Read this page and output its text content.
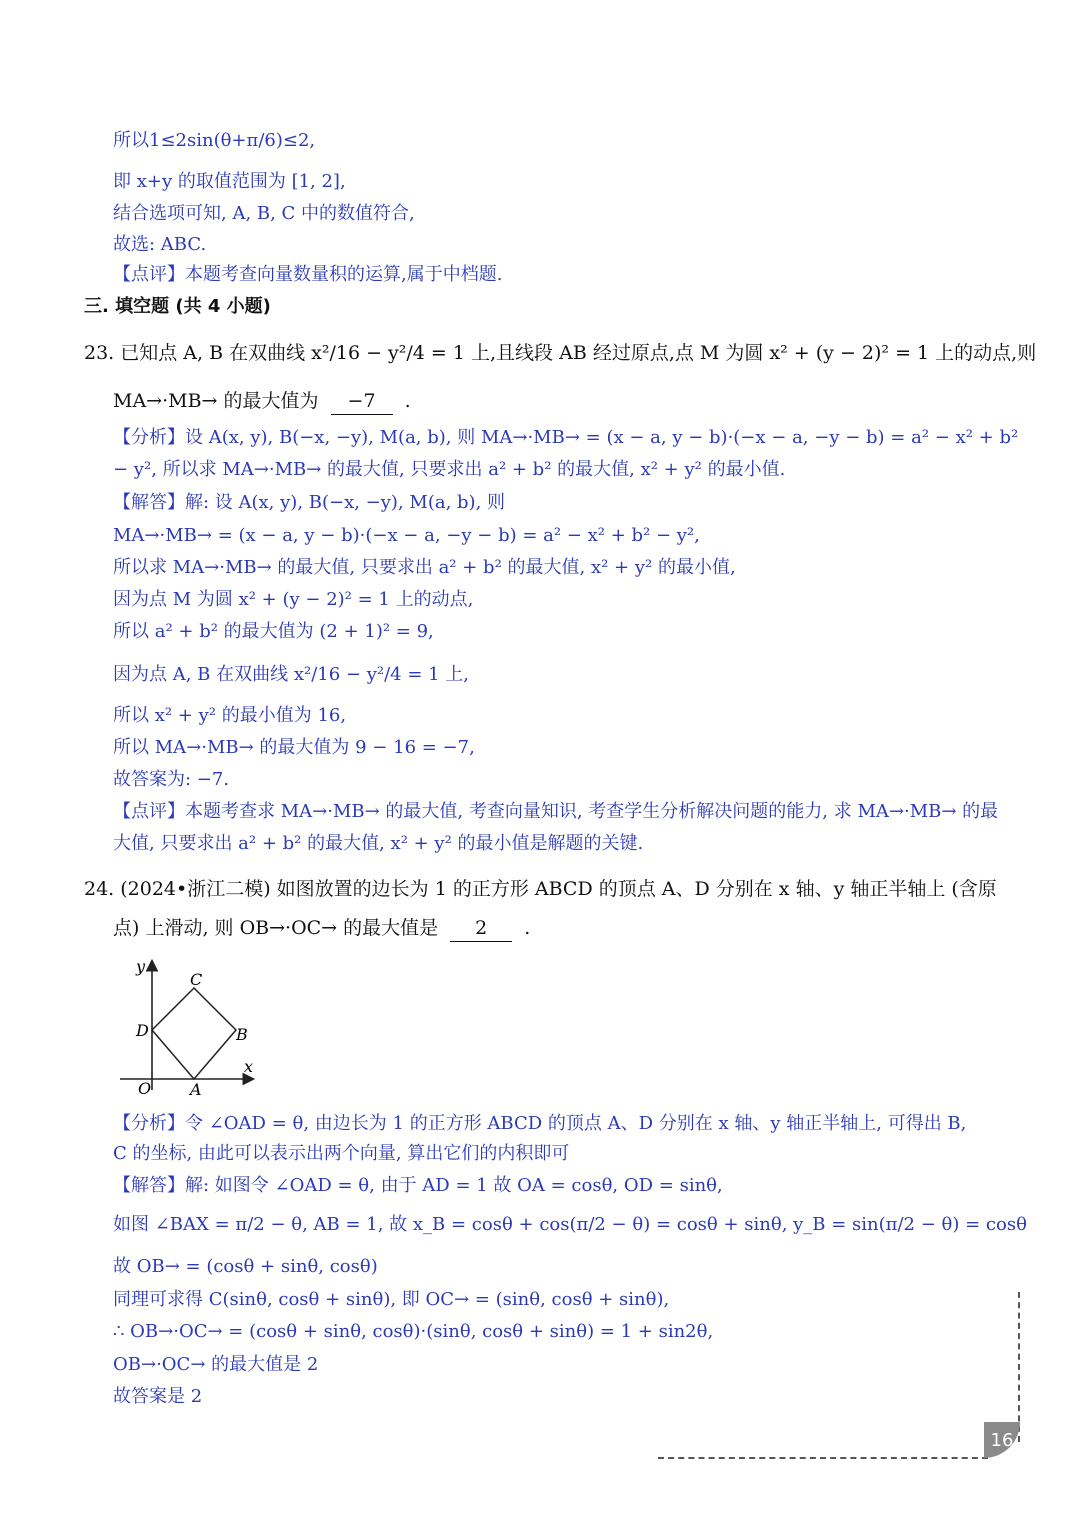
所以1≤2sin(θ+π/6)≤2,
即 x+y 的取值范围为 [1, 2],
结合选项可知, A, B, C 中的数值符合,
故选: ABC.
【点评】本题考查向量数量积的运算,属于中档题.
三. 填空题 (共 4 小题)
23. 已知点 A, B 在双曲线 x²/16 − y²/4 = 1 上,且线段 AB 经过原点,点 M 为圆 x² + (y − 2)² = 1 上的动点,则
MA→·MB→ 的最大值为 −7 .
【分析】设 A(x, y), B(−x, −y), M(a, b), 则 MA→·MB→ = (x − a, y − b)·(−x − a, −y − b) = a² − x² + b²
− y², 所以求 MA→·MB→ 的最大值, 只要求出 a² + b² 的最大值, x² + y² 的最小值.
【解答】解: 设 A(x, y), B(−x, −y), M(a, b), 则
MA→·MB→ = (x − a, y − b)·(−x − a, −y − b) = a² − x² + b² − y²,
所以求 MA→·MB→ 的最大值, 只要求出 a² + b² 的最大值, x² + y² 的最小值,
因为点 M 为圆 x² + (y − 2)² = 1 上的动点,
所以 a² + b² 的最大值为 (2 + 1)² = 9,
因为点 A, B 在双曲线 x²/16 − y²/4 = 1 上,
所以 x² + y² 的最小值为 16,
所以 MA→·MB→ 的最大值为 9 − 16 = −7,
故答案为: −7.
【点评】本题考查求 MA→·MB→ 的最大值, 考查向量知识, 考查学生分析解决问题的能力, 求 MA→·MB→ 的最
大值, 只要求出 a² + b² 的最大值, x² + y² 的最小值是解题的关键.
24. (2024•浙江二模) 如图放置的边长为 1 的正方形 ABCD 的顶点 A、D 分别在 x 轴、y 轴正半轴上 (含原
点) 上滑动, 则 OB→·OC→ 的最大值是 2 .
y
x
C
D	B
O A
【分析】令 ∠OAD = θ, 由边长为 1 的正方形 ABCD 的顶点 A、D 分别在 x 轴、y 轴正半轴上, 可得出 B,
C 的坐标, 由此可以表示出两个向量, 算出它们的内积即可
【解答】解: 如图令 ∠OAD = θ, 由于 AD = 1 故 OA = cosθ, OD = sinθ,
如图 ∠BAX = π/2 − θ, AB = 1, 故 x_B = cosθ + cos(π/2 − θ) = cosθ + sinθ, y_B = sin(π/2 − θ) = cosθ
故 OB→ = (cosθ + sinθ, cosθ)
同理可求得 C(sinθ, cosθ + sinθ), 即 OC→ = (sinθ, cosθ + sinθ),
∴ OB→·OC→ = (cosθ + sinθ, cosθ)·(sinθ, cosθ + sinθ) = 1 + sin2θ,
OB→·OC→ 的最大值是 2
故答案是 2
16
